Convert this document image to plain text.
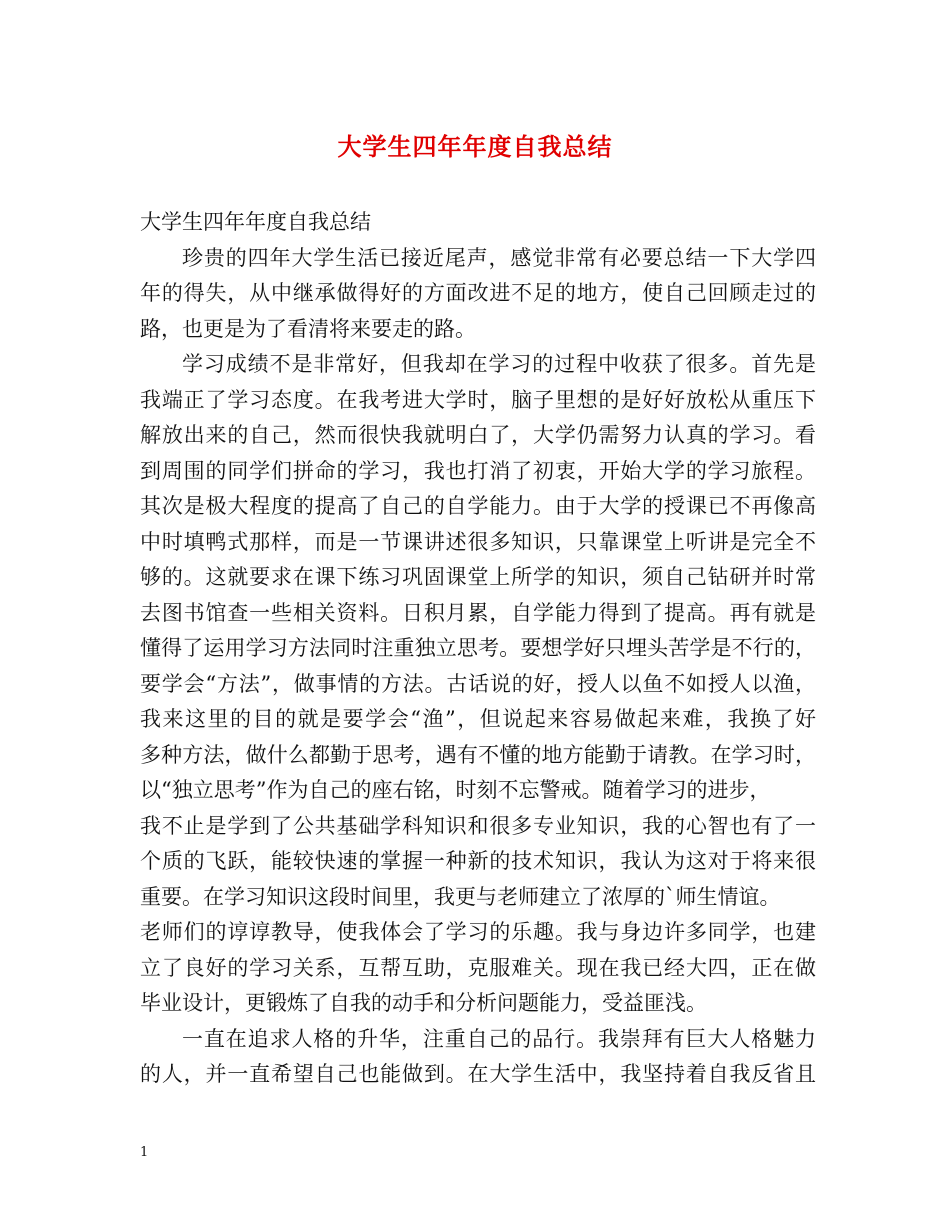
大学生四年年度自我总结

大学生四年年度自我总结

珍贵的四年大学生活已接近尾声，感觉非常有必要总结一下大学四
年的得失，从中继承做得好的方面改进不足的地方，使自己回顾走过的
路，也更是为了看清将来要走的路。

学习成绩不是非常好，但我却在学习的过程中收获了很多。首先是
我端正了学习态度。在我考进大学时，脑子里想的是好好放松从重压下
解放出来的自己，然而很快我就明白了，大学仍需努力认真的学习。看
到周围的同学们拼命的学习，我也打消了初衷，开始大学的学习旅程。
其次是极大程度的提高了自己的自学能力。由于大学的授课已不再像高
中时填鸭式那样，而是一节课讲述很多知识，只靠课堂上听讲是完全不
够的。这就要求在课下练习巩固课堂上所学的知识，须自己钻研并时常
去图书馆查一些相关资料。日积月累，自学能力得到了提高。再有就是
懂得了运用学习方法同时注重独立思考。要想学好只埋头苦学是不行的，
要学会“方法”，做事情的方法。古话说的好，授人以鱼不如授人以渔，
我来这里的目的就是要学会“渔”，但说起来容易做起来难，我换了好
多种方法，做什么都勤于思考，遇有不懂的地方能勤于请教。在学习时，
以“独立思考”作为自己的座右铭，时刻不忘警戒。随着学习的进步，
我不止是学到了公共基础学科知识和很多专业知识，我的心智也有了一
个质的飞跃，能较快速的掌握一种新的技术知识，我认为这对于将来很
重要。在学习知识这段时间里，我更与老师建立了浓厚的`师生情谊。
老师们的谆谆教导，使我体会了学习的乐趣。我与身边许多同学，也建
立了良好的学习关系，互帮互助，克服难关。现在我已经大四，正在做
毕业设计，更锻炼了自我的动手和分析问题能力，受益匪浅。

一直在追求人格的升华，注重自己的品行。我崇拜有巨大人格魅力
的人，并一直希望自己也能做到。在大学生活中，我坚持着自我反省且

1
